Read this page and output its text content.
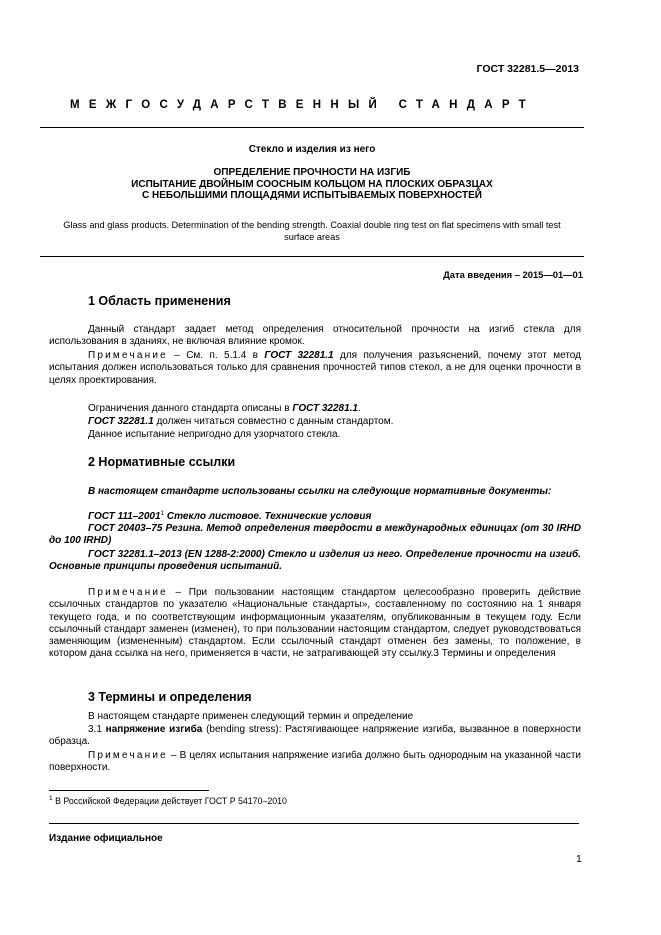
ГОСТ 32281.5—2013
МЕЖГОСУДАРСТВЕННЫЙ СТАНДАРТ
Стекло и изделия из него
ОПРЕДЕЛЕНИЕ ПРОЧНОСТИ НА ИЗГИБ
ИСПЫТАНИЕ ДВОЙНЫМ СООСНЫМ КОЛЬЦОМ НА ПЛОСКИХ ОБРАЗЦАХ
С НЕБОЛЬШИМИ ПЛОЩАДЯМИ ИСПЫТЫВАЕМЫХ ПОВЕРХНОСТЕЙ
Glass and glass products. Determination of the bending strength. Coaxial double ring test on flat specimens with small test surface areas
Дата введения – 2015—01—01
1 Область применения

Данный стандарт задает метод определения относительной прочности на изгиб стекла для использования в зданиях, не включая влияние кромок.

Примечание – См. п. 5.1.4 в ГОСТ 32281.1 для получения разъяснений, почему этот метод испытания должен использоваться только для сравнения прочностей типов стекол, а не для оценки прочности в целях проектирования.

Ограничения данного стандарта описаны в ГОСТ 32281.1.

ГОСТ 32281.1 должен читаться совместно с данным стандартом.

Данное испытание непригодно для узорчатого стекла.

2 Нормативные ссылки

В настоящем стандарте использованы ссылки на следующие нормативные документы:

ГОСТ 111–2001$^1$ Стекло листовое. Технические условия

ГОСТ 20403–75 Резина. Метод определения твердости в международных единицах (от 30 IRHD до 100 IRHD)

ГОСТ 32281.1–2013 (EN 1288-2:2000) Стекло и изделия из него. Определение прочности на изгиб. Основные принципы проведения испытаний.

Примечание – При пользовании настоящим стандартом целесообразно проверить действие ссылочных стандартов по указателю «Национальные стандарты», составленному по состоянию на 1 января текущего года, и по соответствующим информационным указателям, опубликованным в текущем году. Если ссылочный стандарт заменен (изменен), то при пользовании настоящим стандартом, следует руководствоваться заменяющим (измененным) стандартом. Если ссылочный стандарт отменен без замены, то положение, в котором дана ссылка на него, применяется в части, не затрагивающей эту ссылку.3 Термины и определения

3 Термины и определения

В настоящем стандарте применен следующий термин и определение

3.1 напряжение изгиба (bending stress): Растягивающее напряжение изгиба, вызванное в поверхности образца.

Примечание – В целях испытания напряжение изгиба должно быть однородным на указанной части поверхности.

$^1$ В Российской Федерации действует ГОСТ Р 54170–2010
Издание официальное
1
